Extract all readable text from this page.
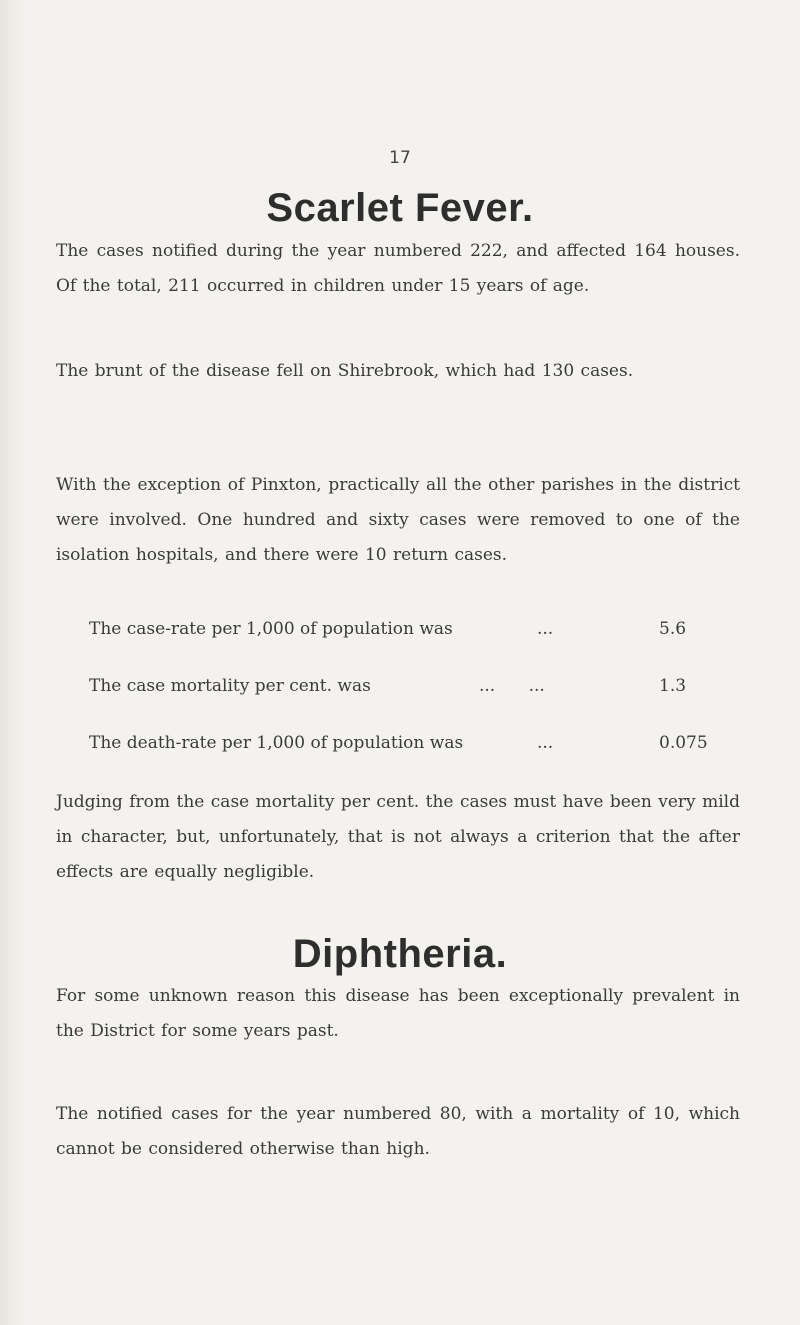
17
Scarlet Fever.

The cases notified during the year numbered 222, and affected 164 houses. Of the total, 211 occurred in children under 15 years of age.

The brunt of the disease fell on Shirebrook, which had 130 cases.

With the exception of Pinxton, practically all the other parishes in the district were involved. One hundred and sixty cases were removed to one of the isolation hospitals, and there were 10 return cases.

The case-rate per 1,000 of population was	...	5.6
The case mortality per cent. was	... ...	1.3
The death-rate per 1,000 of population was	...	0.075

Judging from the case mortality per cent. the cases must have been very mild in character, but, unfortunately, that is not always a criterion that the after effects are equally negligible.

Diphtheria.

For some unknown reason this disease has been exceptionally prevalent in the District for some years past.

The notified cases for the year numbered 80, with a mortality of 10, which cannot be considered otherwise than high.
